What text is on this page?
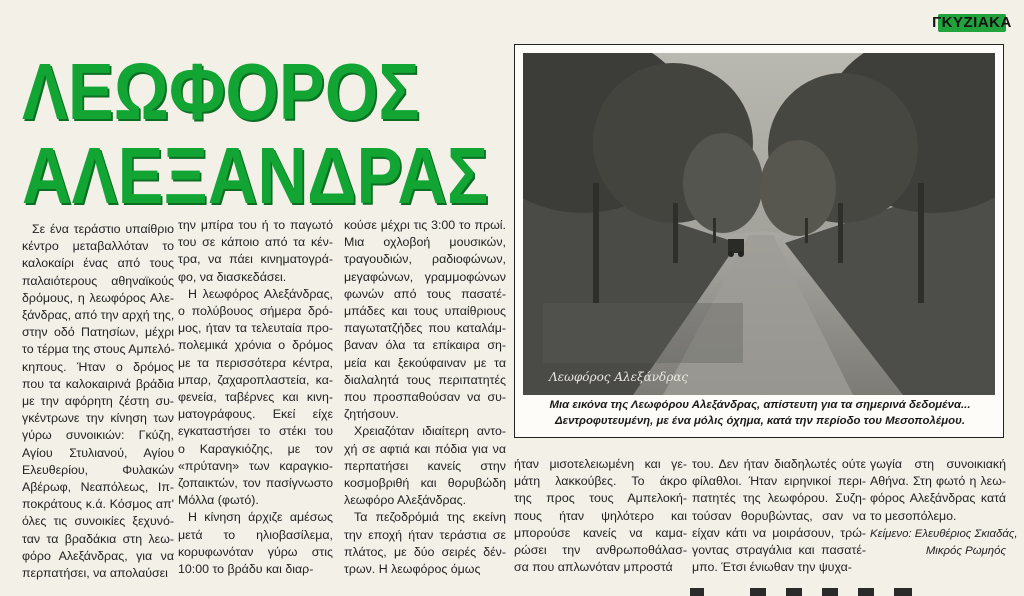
ΓΚΥΖΙΑΚΑ
ΛΕΩΦΟΡΟΣ
ΑΛΕΞΑΝΔΡΑΣ
Λεωφόρος Αλεξάνδρας
Μια εικόνα της Λεωφόρου Αλεξάνδρας, απίστευτη για τα σημερινά δεδομένα...
Δεντροφυτευμένη, με ένα μόλις όχημα, κατά την περίοδο του Μεσοπολέμου.
Σε ένα τεράστιο υπαίθριο
κέντρο μεταβαλλόταν το
καλοκαίρι ένας από τους
παλαιότερους αθηναϊκούς
δρόμους, η λεωφόρος Αλε-
ξάνδρας, από την αρχή της,
στην οδό Πατησίων, μέχρι
το τέρμα της στους Αμπελό-
κηπους. Ήταν ο δρόμος
που τα καλοκαιρινά βράδια
με την αφόρητη ζέστη συ-
γκέντρωνε την κίνηση των
γύρω συνοικιών: Γκύζη,
Αγίου Στυλιανού, Αγίου
Ελευθερίου, Φυλακών
Αβέρωφ, Νεαπόλεως, Ιπ-
ποκράτους κ.ά. Κόσμος απ'
όλες τις συνοικίες ξεχυνό-
ταν τα βραδάκια στη λεω-
φόρο Αλεξάνδρας, για να
περπατήσει, να απολαύσει
την μπίρα του ή το παγωτό
του σε κάποιο από τα κέν-
τρα, να πάει κινηματογρά-
φο, να διασκεδάσει.
Η λεωφόρος Αλεξάνδρας,
ο πολύβουος σήμερα δρό-
μος, ήταν τα τελευταία προ-
πολεμικά χρόνια ο δρόμος
με τα περισσότερα κέντρα,
μπαρ, ζαχαροπλαστεία, κα-
φενεία, ταβέρνες και κινη-
ματογράφους. Εκεί είχε
εγκαταστήσει το στέκι του
ο Καραγκιόζης, με τον
«πρύτανη» των καραγκιο-
ζοπαικτών, τον πασίγνωστο
Μόλλα (φωτό).
Η κίνηση άρχιζε αμέσως
μετά το ηλιοβασίλεμα,
κορυφωνόταν γύρω στις
10:00 το βράδυ και διαρ-
κούσε μέχρι τις 3:00 το πρωί.
Μια οχλοβοή μουσικών,
τραγουδιών, ραδιοφώνων,
μεγαφώνων, γραμμοφώνων
φωνών από τους πασατέ-
μπάδες και τους υπαίθριους
παγωτατζήδες που καταλάμ-
βαναν όλα τα επίκαιρα ση-
μεία και ξεκούφαιναν με τα
διαλαλητά τους περιπατητές
που προσπαθούσαν να συ-
ζητήσουν.
Χρειαζόταν ιδιαίτερη αντο-
χή σε αφτιά και πόδια για να
περπατήσει κανείς στην
κοσμοβριθή και θορυβώδη
λεωφόρο Αλεξάνδρας.
Τα πεζοδρόμιά της εκείνη
την εποχή ήταν τεράστια σε
πλάτος, με δύο σειρές δέν-
τρων. Η λεωφόρος όμως
ήταν μισοτελειωμένη και γε-
μάτη λακκούβες. Το άκρο
της προς τους Αμπελοκή-
πους ήταν ψηλότερο και
μπορούσε κανείς να καμα-
ρώσει την ανθρωποθάλασ-
σα που απλωνόταν μπροστά
του. Δεν ήταν διαδηλωτές ούτε
φίλαθλοι. Ήταν ειρηνικοί περι-
πατητές της λεωφόρου. Συζη-
τούσαν θορυβώντας, σαν να
είχαν κάτι να μοιράσουν, τρώ-
γοντας στραγάλια και πασατέ-
μπο. Έτσι ένιωθαν την ψυχα-
γωγία στη συνοικιακή
Αθήνα. Στη φωτό η λεω-
φόρος Αλεξάνδρας κατά
το μεσοπόλεμο.
Κείμενο: Ελευθέριος Σκιαδάς,
Μικρός Ρωμηός
